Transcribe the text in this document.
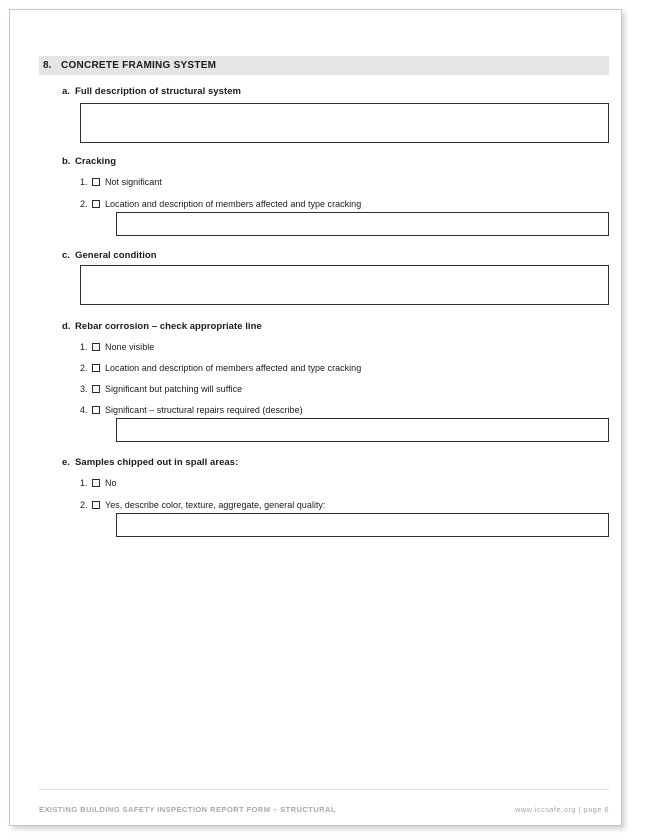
8. CONCRETE FRAMING SYSTEM
a. Full description of structural system
b. Cracking
1.	Not significant
2.	Location and description of members affected and type cracking
c. General condition
d. Rebar corrosion – check appropriate line
1.	None visible
2.	Location and description of members affected and type cracking
3.	Significant but patching will suffice
4.	Significant – structural repairs required (describe)
e. Samples chipped out in spall areas:
1.	No
2.	Yes, describe color, texture, aggregate, general quality:
EXISTING BUILDING SAFETY INSPECTION REPORT FORM – STRUCTURAL	www.iccsafe.org | page 6
